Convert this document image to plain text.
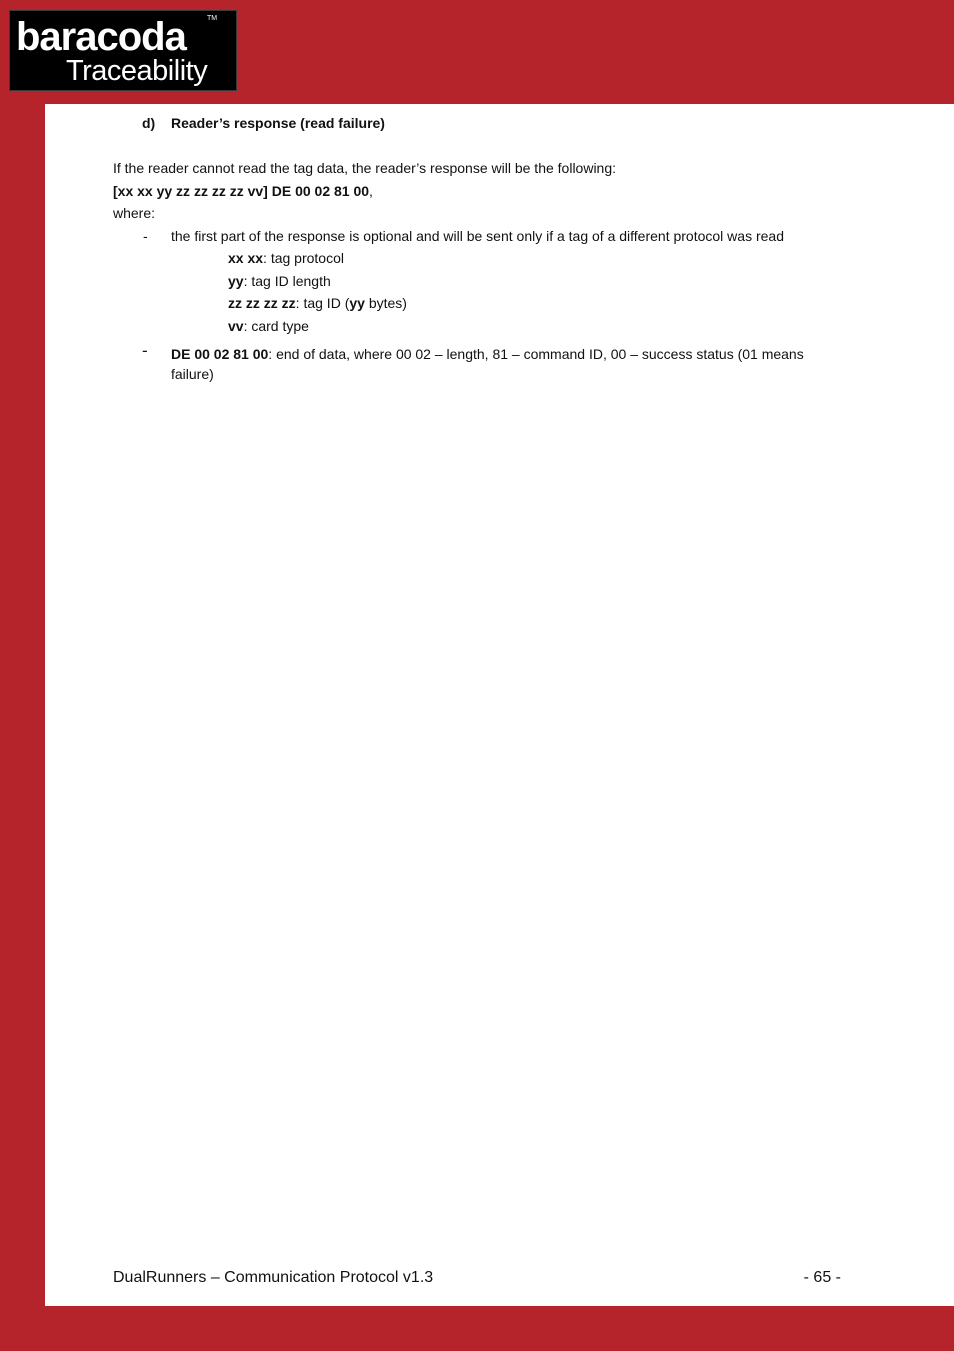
baracoda	TM
Traceability
d) Reader’s response (read failure)
If the reader cannot read the tag data, the reader’s response will be the following:
[xx xx yy zz zz zz zz vv] DE 00 02 81 00,
where:
- the first part of the response is optional and will be sent only if a tag of a different protocol was read
xx xx: tag protocol
yy: tag ID length
zz zz zz zz: tag ID (yy bytes)
vv: card type
- DE 00 02 81 00: end of data, where 00 02 – length, 81 – command ID, 00 – success status (01 means
failure)
DualRunners – Communication Protocol v1.3	- 65 -
